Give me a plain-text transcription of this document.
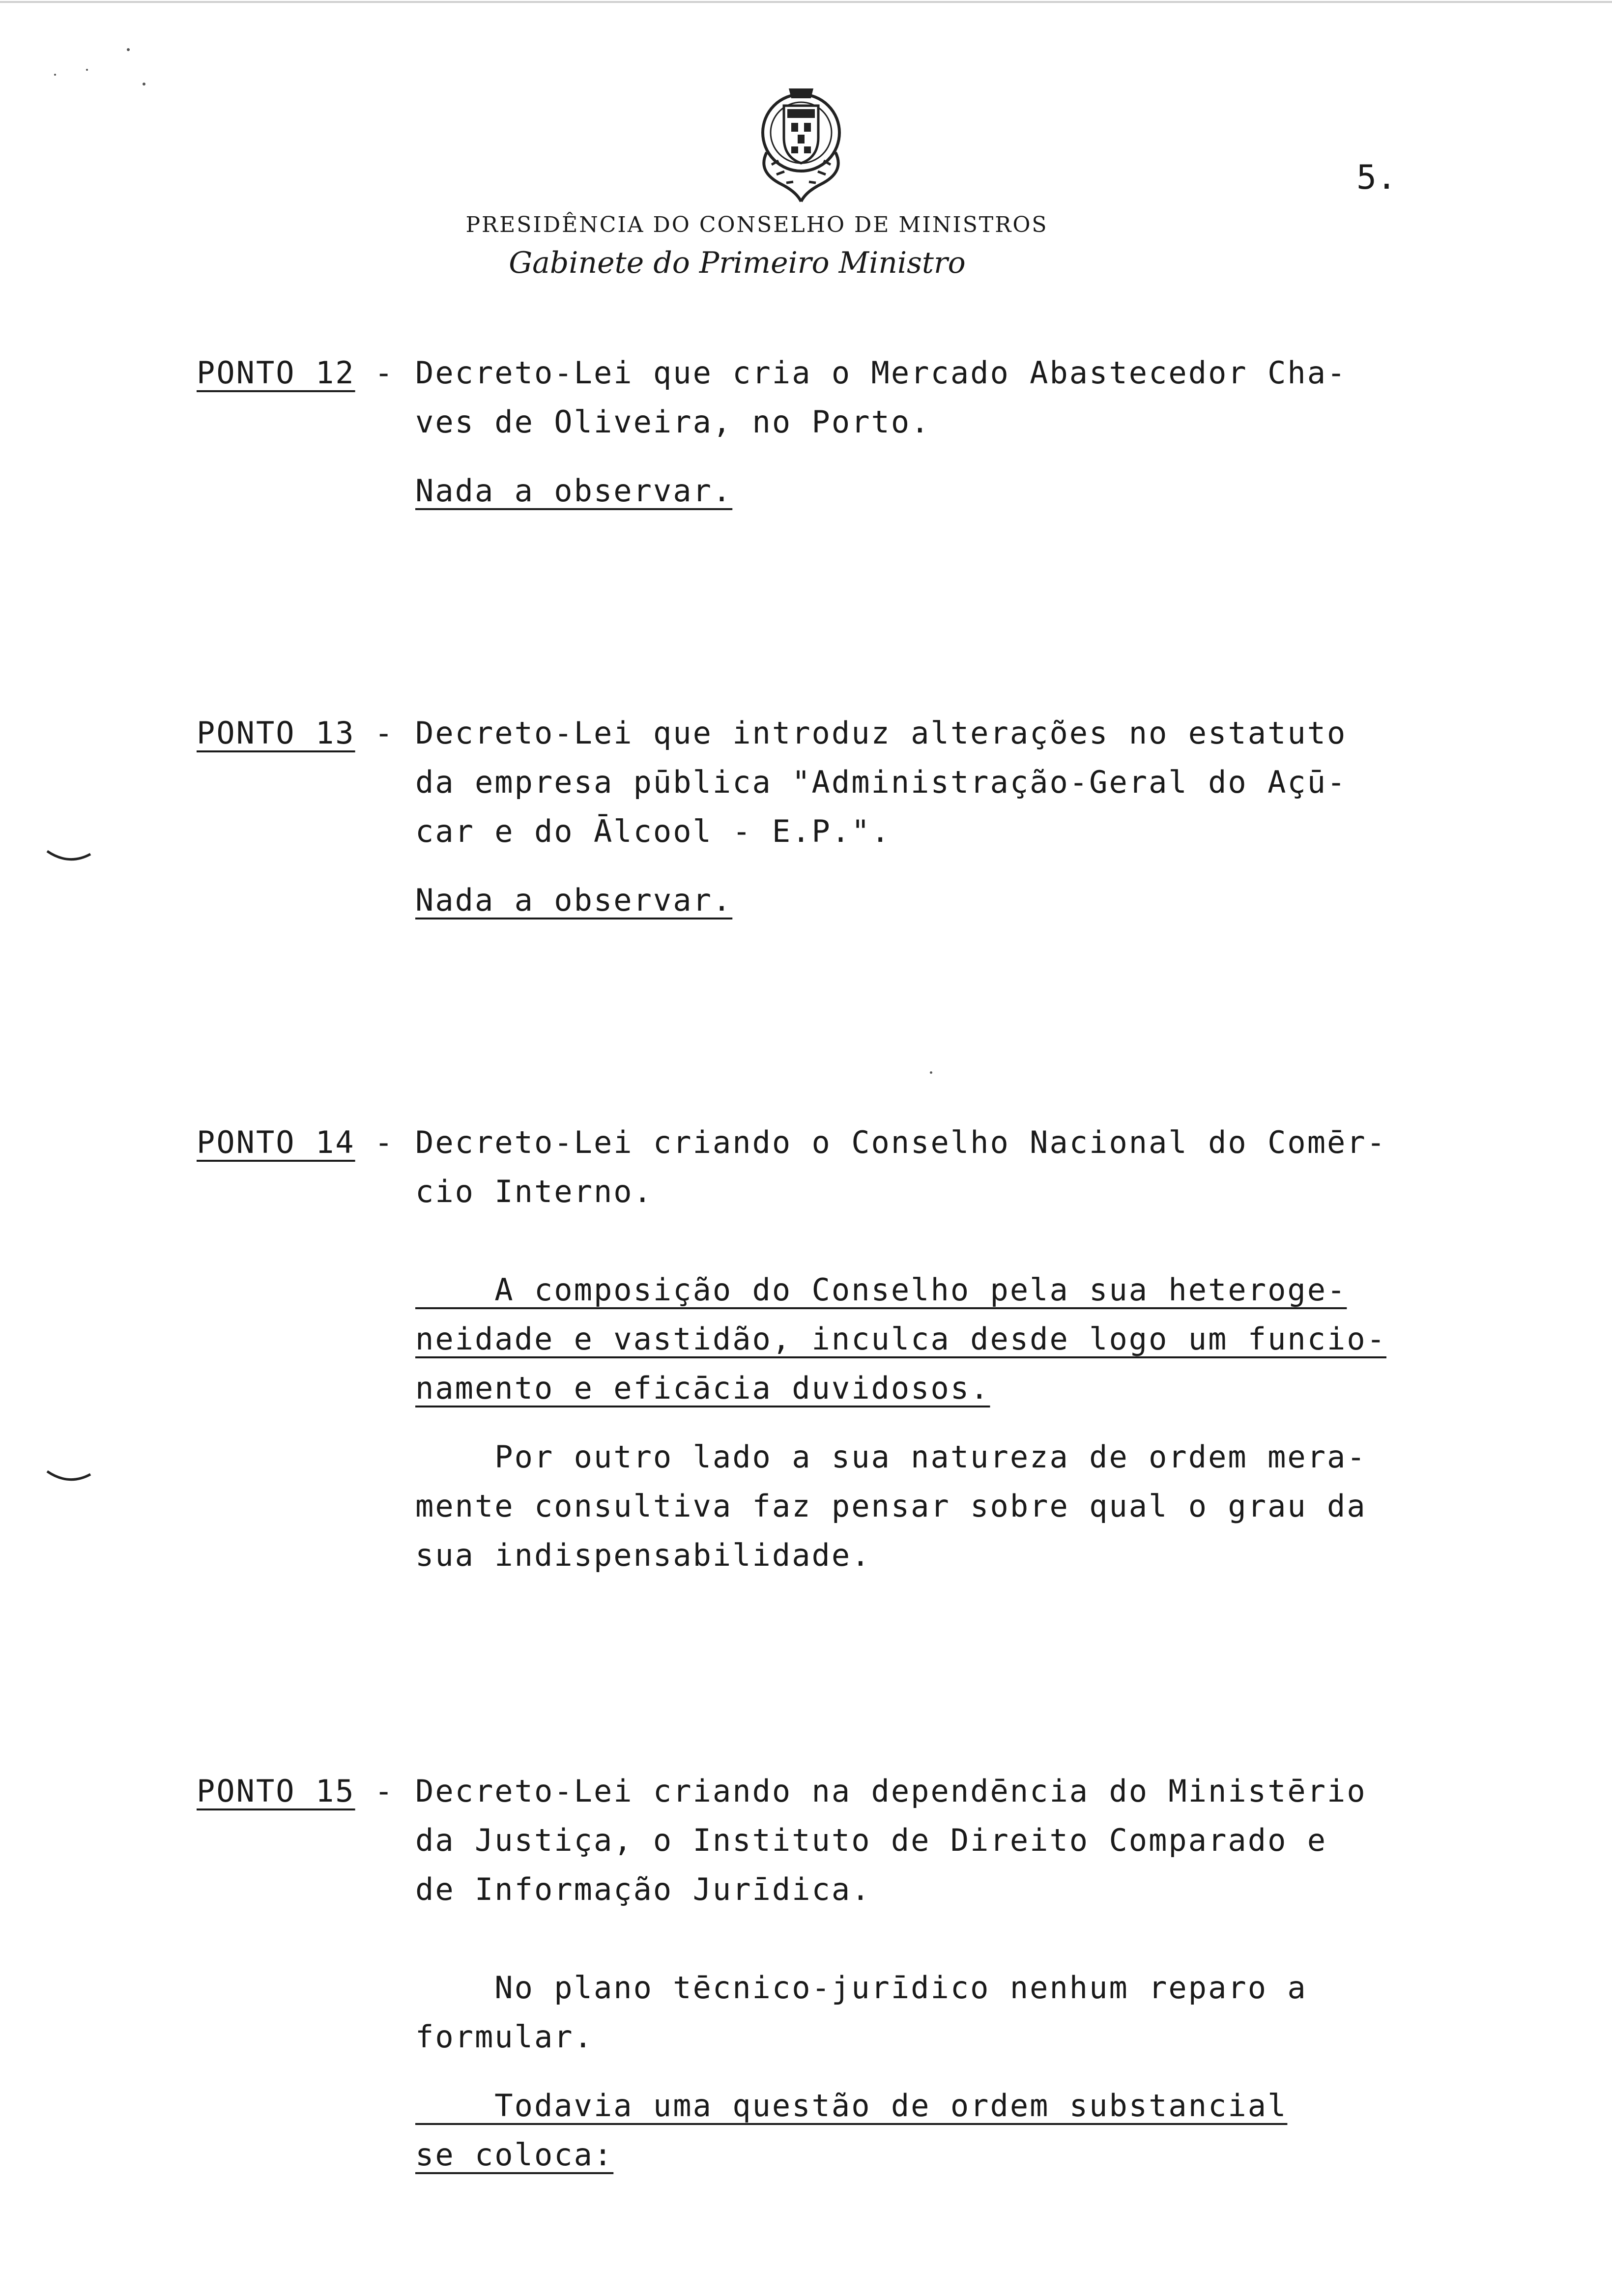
5.
PRESIDÊNCIA DO CONSELHO DE MINISTROS
Gabinete do Primeiro Ministro
PONTO 12 - Decreto-Lei que cria o Mercado Abastecedor Cha-
ves de Oliveira, no Porto.
Nada a observar.
PONTO 13 - Decreto-Lei que introduz alterações no estatuto
da empresa pūblica "Administração-Geral do Açū-
car e do Ālcool - E.P.".
Nada a observar.
PONTO 14 - Decreto-Lei criando o Conselho Nacional do Comēr-
cio Interno.
A composição do Conselho pela sua heteroge-
neidade e vastidão, inculca desde logo um funcio-
namento e eficācia duvidosos.
Por outro lado a sua natureza de ordem mera-
mente consultiva faz pensar sobre qual o grau da
sua indispensabilidade.
PONTO 15 - Decreto-Lei criando na dependēncia do Ministērio
da Justiça, o Instituto de Direito Comparado e
de Informação Jurīdica.
No plano tēcnico-jurīdico nenhum reparo a
formular.
Todavia uma questão de ordem substancial
se coloca:
